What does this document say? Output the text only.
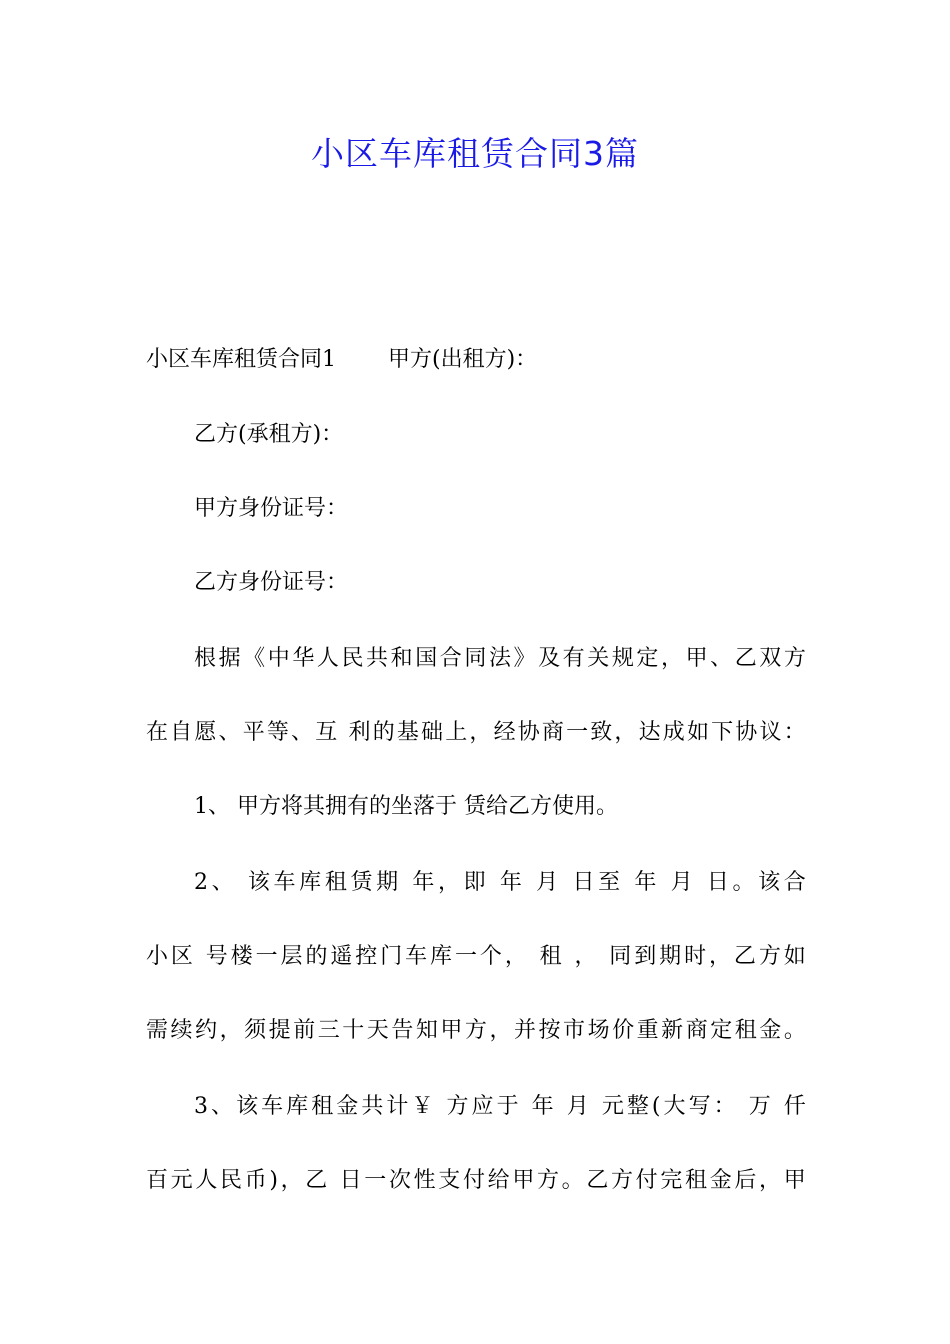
小区车库租赁合同3篇
小区车库租赁合同1 甲方(出租方)：
乙方(承租方)：
甲方身份证号：
乙方身份证号：
根 据 《 中 华 人 民 共 和 国 合 同 法 》 及 有 关 规 定 ， 甲 、 乙 双 方
在 自 愿 、 平 等 、 互
利 的 基 础 上 ， 经 协 商 一 致 ， 达 成 如 下 协 议 ：
1、 甲方将其拥有的坐落于 赁给乙方使用。
2 、
该 车 库 租 赁 期
年 ， 即
年
月
日 至
年
月
日 。 该 合
小 区
号 楼 一 层 的 遥 控 门 车 库 一 个 ，
租
，
同 到 期 时 ， 乙 方 如
需 续 约 ， 须 提 前 三 十 天 告 知 甲 方 ， 并 按 市 场 价 重 新 商 定 租 金 。
3 、 该 车 库 租 金 共 计 ￥
方 应 于
年
月
元 整 ( 大 写 ：
万
仟
百 元 人 民 币 ) ， 乙
日 一 次 性 支 付 给 甲 方 。 乙 方 付 完 租 金 后 ， 甲
